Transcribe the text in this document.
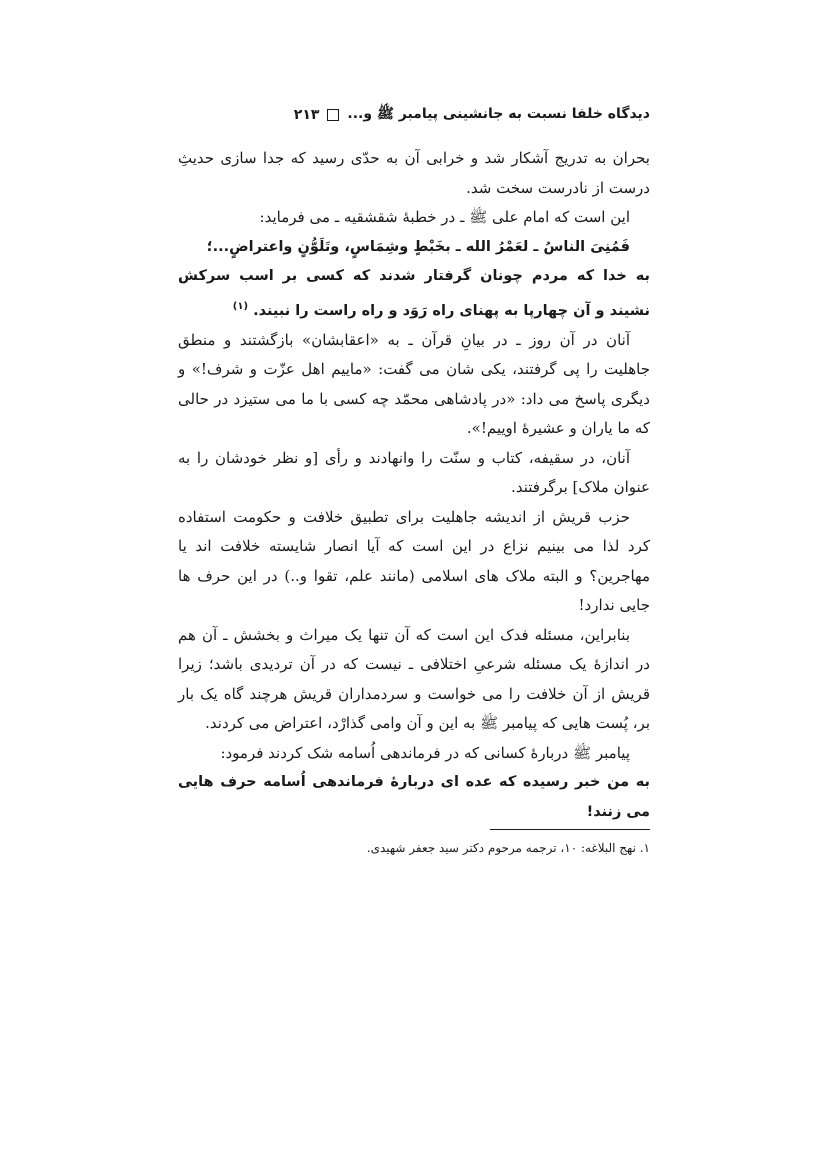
دیدگاه خلفا نسبت به جانشینی پیامبر ﷺ و...
۲۱۳

بحران به تدریج آشکار شد و خرابی آن به حدّی رسید که جدا سازی حدیثِ درست از نادرست سخت شد.

این است که امام علی ﷺ ـ در خطبهٔ شقشقیه ـ می فرماید:

فَمُنِیَ الناسُ ـ لعَمْرُ الله ـ بخَبْطٍ وشِمَاسٍ، وتَلَوُّنٍ واعتراضٍ...؛

به خدا که مردم چونان گرفتار شدند که کسی بر اسب سرکش نشیند و آن چهارپا به پهنای راه رَوَد و راه راست را نبیند. $^{(۱)}$

آنان در آن روز ـ در بیانِ قرآن ـ به «اعقابشان» بازگشتند و منطق جاهلیت را پی گرفتند، یکی شان می گفت: «ماییم اهل عزّت و شرف!» و دیگری پاسخ می داد: «در پادشاهی محمّد چه کسی با ما می ستیزد در حالی که ما یاران و عشیرهٔ اوییم!».

آنان، در سقیفه، کتاب و سنّت را وانهادند و رأی [و نظر خودشان را به عنوان ملاک] برگرفتند.

حزب قریش از اندیشه جاهلیت برای تطبیق خلافت و حکومت استفاده کرد لذا می بینیم نزاع در این است که آیا انصار شایسته خلافت اند یا مهاجرین؟ و البته ملاک های اسلامی (مانند علم، تقوا و..) در این حرف ها جایی ندارد!

بنابراین، مسئله فدک این است که آن تنها یک میراث و بخشش ـ آن هم در اندازهٔ یک مسئله شرعیِ اختلافی ـ نیست که در آن تردیدی باشد؛ زیرا قریش از آن خلافت را می خواست و سردمداران قریش هرچند گاه یک بار بر، پُست هایی که پیامبر ﷺ به این و آن وامی گذارْد، اعتراض می کردند.

پیامبر ﷺ دربارهٔ کسانی که در فرماندهی اُسامه شک کردند فرمود:

به من خبر رسیده که عده ای دربارهٔ فرماندهی اُسامه حرف هایی می زنند!

۱. نهج البلاغه: ۱۰، ترجمه مرحوم دکتر سید جعفر شهیدی.
